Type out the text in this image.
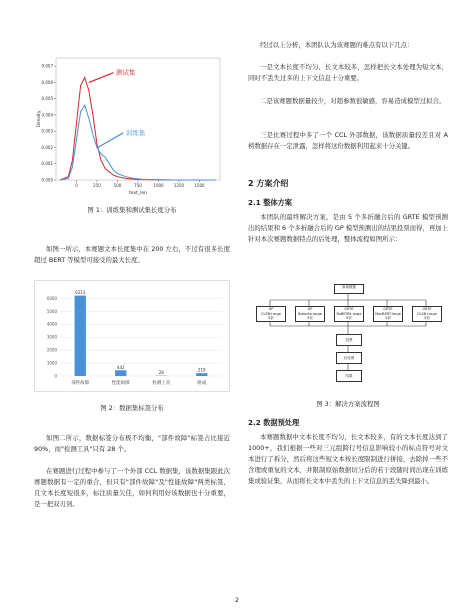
0.000
0.001
0.002
0.003
0.004
0.005
0.006
0.007
0	250	500	750	1000	1250	1500
text_len
Density
测试集
训练集
图 1：训练集和测试集长度分布

如图一所示，本赛题文本长度集中在 200 左右，不过有很多长度超过 BERT 等模型可接受的最大长度。

0
1000
2000
3000
4000
5000
6000
6213
部件故障
442
性能故障
28
检测工具
219
组成
图 2：数据集标签分布

如图二所示，数据标签分布极不均衡，"部件故障"标签占比接近 90%，而"检测工具"只有 28 个。

在赛题进行过程中参与了一个外部 CCL 数据集，该数据集跟此次赛题数据有一定的重合，但只有"部件故障"及"性能故障"两类标签，且文本长度短很多，标注质量欠佳，如何利用好该数据也十分重要，是一把双刃剑。

经过以上分析，本团队认为该赛题的难点有以下几点：

一是文本长度不均匀、长文本较多，怎样把长文本处理为短文本，同时不丢失过多的上下文信息十分重要。

二是该赛题数据量较少，对超参数很敏感，容易造成模型过拟合。

三是比赛过程中多了一个 CCL 外部数据，该数据质量较差且对 A 榜数据存在一定泄露，怎样将这份数据利用起来十分关键。

2 方案介绍
2.1 整体方案

本团队的最终解决方案，是由 5 个多折融合后的 GRTE 模型预测出的结果和 6 个多折融合后的 GP 模型预测出的结果投票而得，再加上针对本次赛题数据特点的后处理，整体流程如图所示：

原始数据
GP
CLEB+orge
5折
GP
Roberta-large
5折
GRTE
RoBERTa-large
5折
GRTE
MacBERT-large
5折
GRTE
CLEB+orge
5折
投票
后处理
结果
图 3：解决方案流程图
2.2 数据预处理

本赛题数据中文本长度不均匀，长文本较多，有的文本长度达到了 1000+，我们根据一些对三元组跨行号信息影响较小的标点符号对文本进行了拆分，然后将这些短文本按长度限制进行拼接，去除掉一些不含理或重复的文本，并限制原始数据切分后的若干段随时间出现在训练集或验证集，从而将长文本中丢失的上下文信息的丢失降到最小。

2
